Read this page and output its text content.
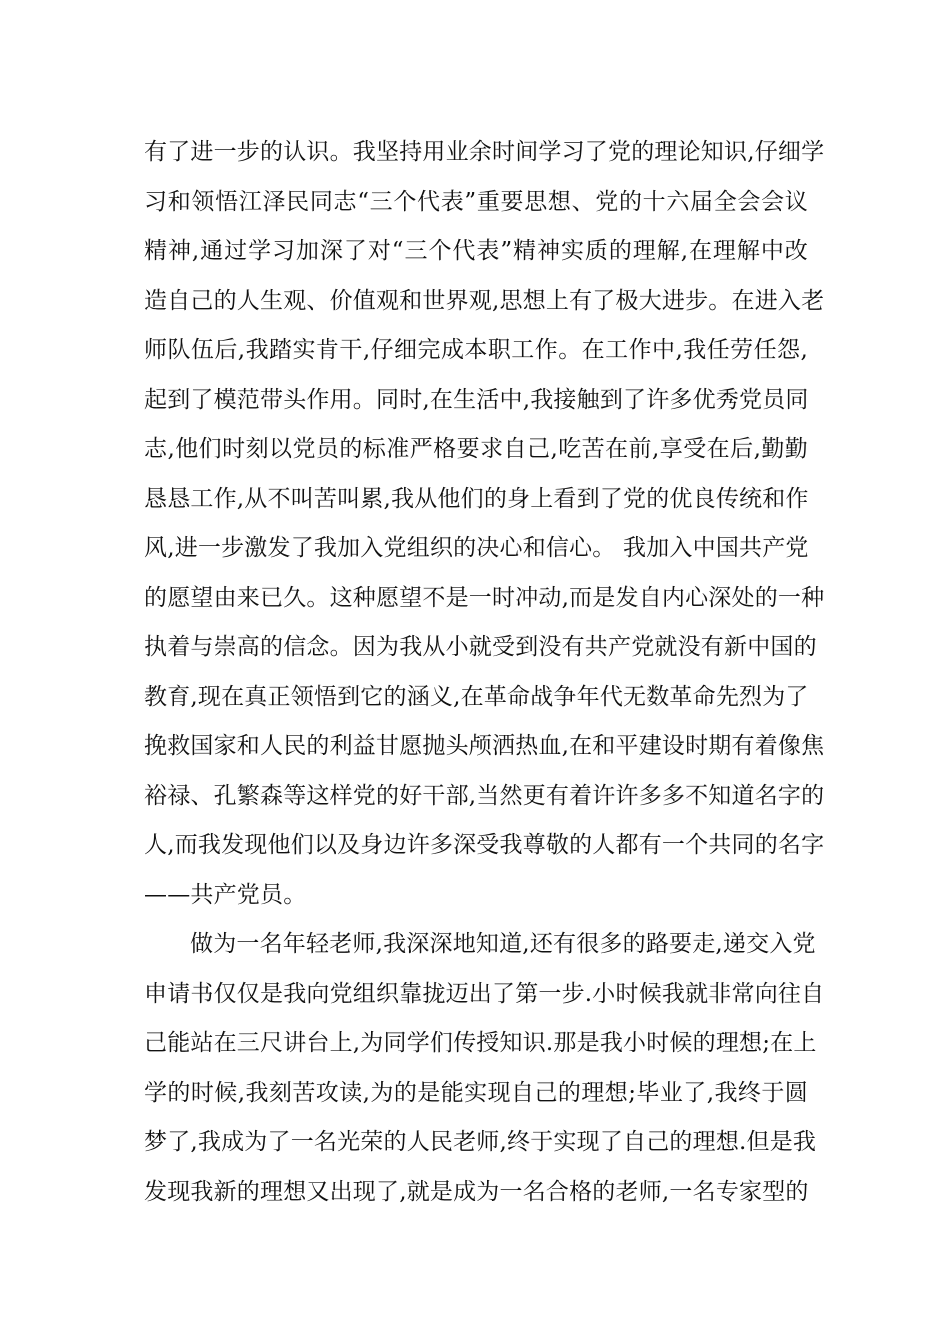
有了进一步的认识。我坚持用业余时间学习了党的理论知识,仔细学
习和领悟江泽民同志“三个代表”重要思想、党的十六届全会会议
精神,通过学习加深了对“三个代表”精神实质的理解,在理解中改
造自己的人生观、价值观和世界观,思想上有了极大进步。在进入老
师队伍后,我踏实肯干,仔细完成本职工作。在工作中,我任劳任怨,
起到了模范带头作用。同时,在生活中,我接触到了许多优秀党员同
志,他们时刻以党员的标准严格要求自己,吃苦在前,享受在后,勤勤
恳恳工作,从不叫苦叫累,我从他们的身上看到了党的优良传统和作
风,进一步激发了我加入党组织的决心和信心。 我加入中国共产党
的愿望由来已久。这种愿望不是一时冲动,而是发自内心深处的一种
执着与崇高的信念。因为我从小就受到没有共产党就没有新中国的
教育,现在真正领悟到它的涵义,在革命战争年代无数革命先烈为了
挽救国家和人民的利益甘愿抛头颅洒热血,在和平建设时期有着像焦
裕禄、孔繁森等这样党的好干部,当然更有着许许多多不知道名字的
人,而我发现他们以及身边许多深受我尊敬的人都有一个共同的名字
——共产党员。
做为一名年轻老师,我深深地知道,还有很多的路要走,递交入党
申请书仅仅是我向党组织靠拢迈出了第一步.小时候我就非常向往自
己能站在三尺讲台上,为同学们传授知识.那是我小时候的理想;在上
学的时候,我刻苦攻读,为的是能实现自己的理想;毕业了,我终于圆
梦了,我成为了一名光荣的人民老师,终于实现了自己的理想.但是我
发现我新的理想又出现了,就是成为一名合格的老师,一名专家型的
